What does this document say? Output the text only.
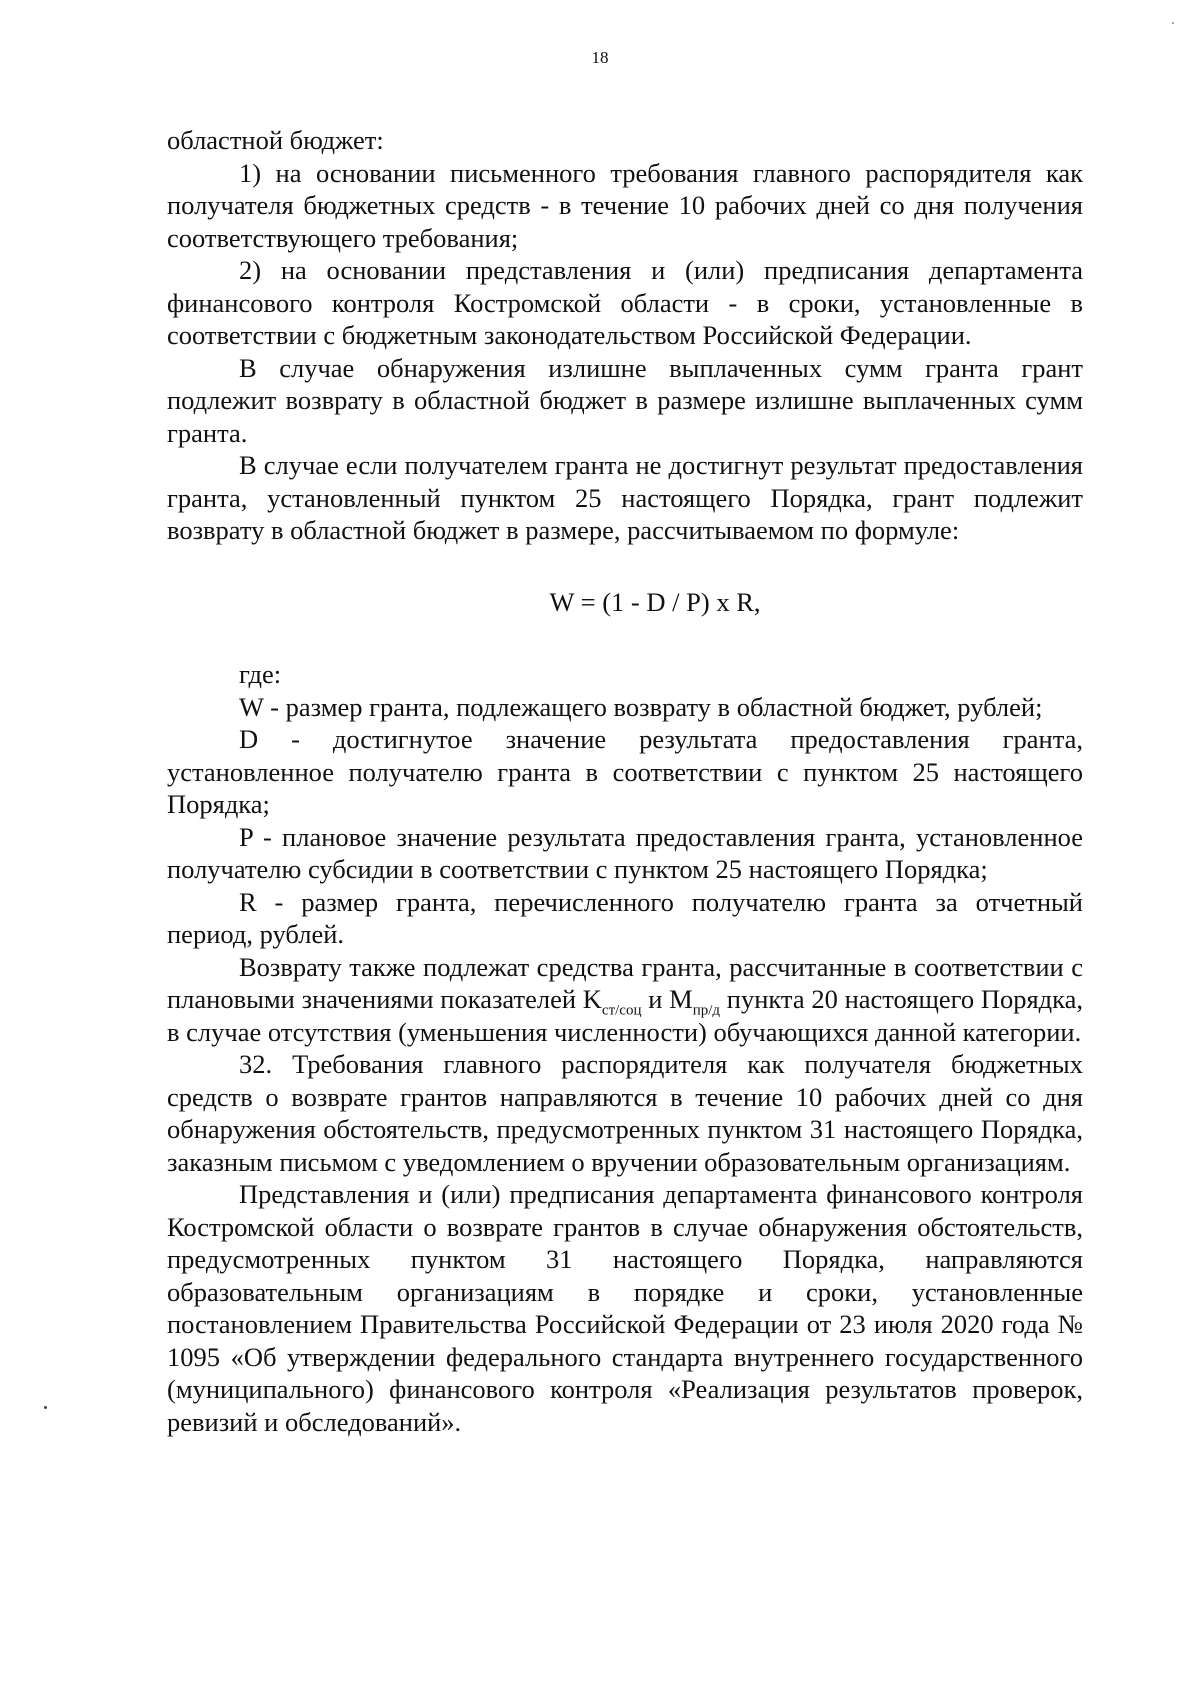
18

областной бюджет:

1) на основании письменного требования главного распорядителя как получателя бюджетных средств - в течение 10 рабочих дней со дня получения соответствующего требования;

2) на основании представления и (или) предписания департамента финансового контроля Костромской области - в сроки, установленные в соответствии с бюджетным законодательством Российской Федерации.

В случае обнаружения излишне выплаченных сумм гранта грант подлежит возврату в областной бюджет в размере излишне выплаченных сумм гранта.

В случае если получателем гранта не достигнут результат предоставления гранта, установленный пунктом 25 настоящего Порядка, грант подлежит возврату в областной бюджет в размере, рассчитываемом по формуле:

W = (1 - D / P) x R,

где:

W - размер гранта, подлежащего возврату в областной бюджет, рублей;

D - достигнутое значение результата предоставления гранта, установленное получателю гранта в соответствии с пунктом 25 настоящего Порядка;

P - плановое значение результата предоставления гранта, установленное получателю субсидии в соответствии с пунктом 25 настоящего Порядка;

R - размер гранта, перечисленного получателю гранта за отчетный период, рублей.

Возврату также подлежат средства гранта, рассчитанные в соответствии с плановыми значениями показателей $K_{ст/соц}$ и $M_{пр/д}$ пункта 20 настоящего Порядка, в случае отсутствия (уменьшения численности) обучающихся данной категории.

32. Требования главного распорядителя как получателя бюджетных средств о возврате грантов направляются в течение 10 рабочих дней со дня обнаружения обстоятельств, предусмотренных пунктом 31 настоящего Порядка, заказным письмом с уведомлением о вручении образовательным организациям.

Представления и (или) предписания департамента финансового контроля Костромской области о возврате грантов в случае обнаружения обстоятельств, предусмотренных пунктом 31 настоящего Порядка, направляются образовательным организациям в порядке и сроки, установленные постановлением Правительства Российской Федерации от 23 июля 2020 года № 1095 «Об утверждении федерального стандарта внутреннего государственного (муниципального) финансового контроля «Реализация результатов проверок, ревизий и обследований».
